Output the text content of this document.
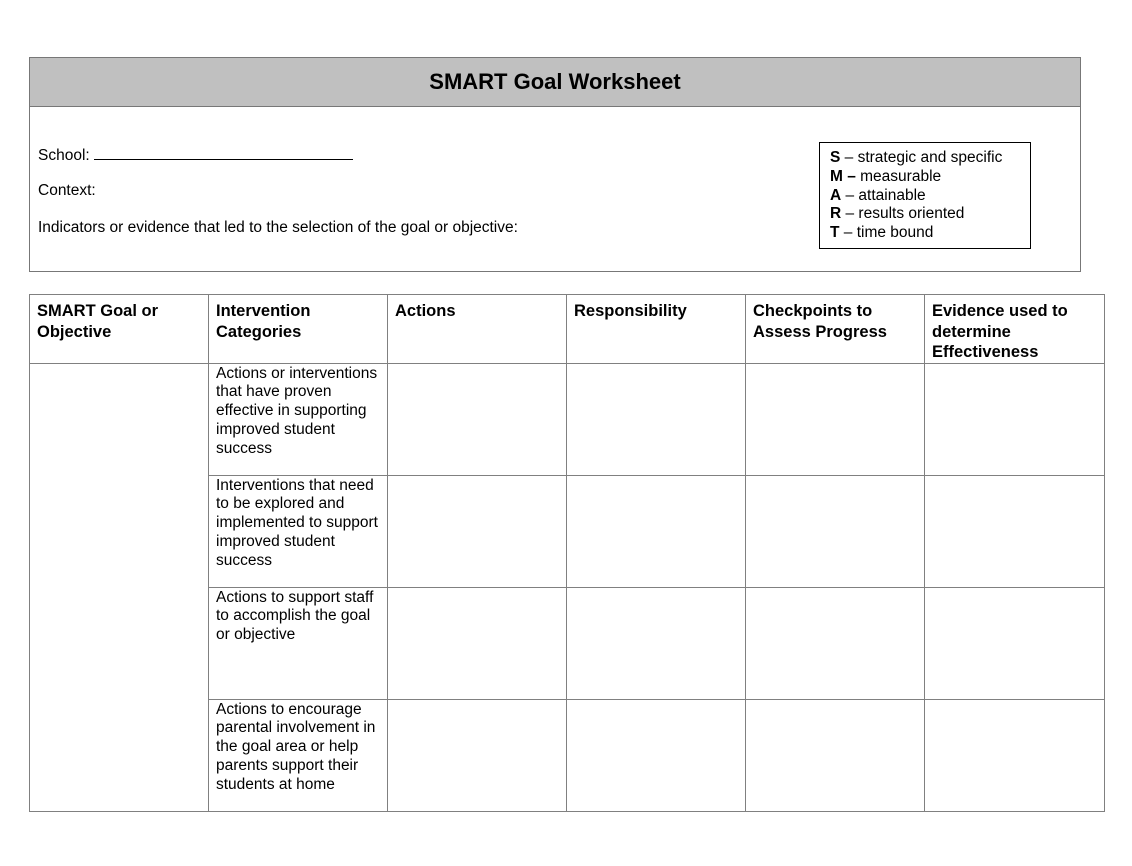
SMART Goal Worksheet
School:
Context:
Indicators or evidence that led to the selection of the goal or objective:
S – strategic and specific
M – measurable
A – attainable
R – results oriented
T – time bound
SMART Goal or Objective	Intervention Categories	Actions	Responsibility	Checkpoints to Assess Progress	Evidence used to determine Effectiveness
	Actions or interventions that have proven effective in supporting improved student success				
	Interventions that need to be explored and implemented to support improved student success				
	Actions to support staff to accomplish the goal or objective				
	Actions to encourage parental involvement in the goal area or help parents support their students at home				
